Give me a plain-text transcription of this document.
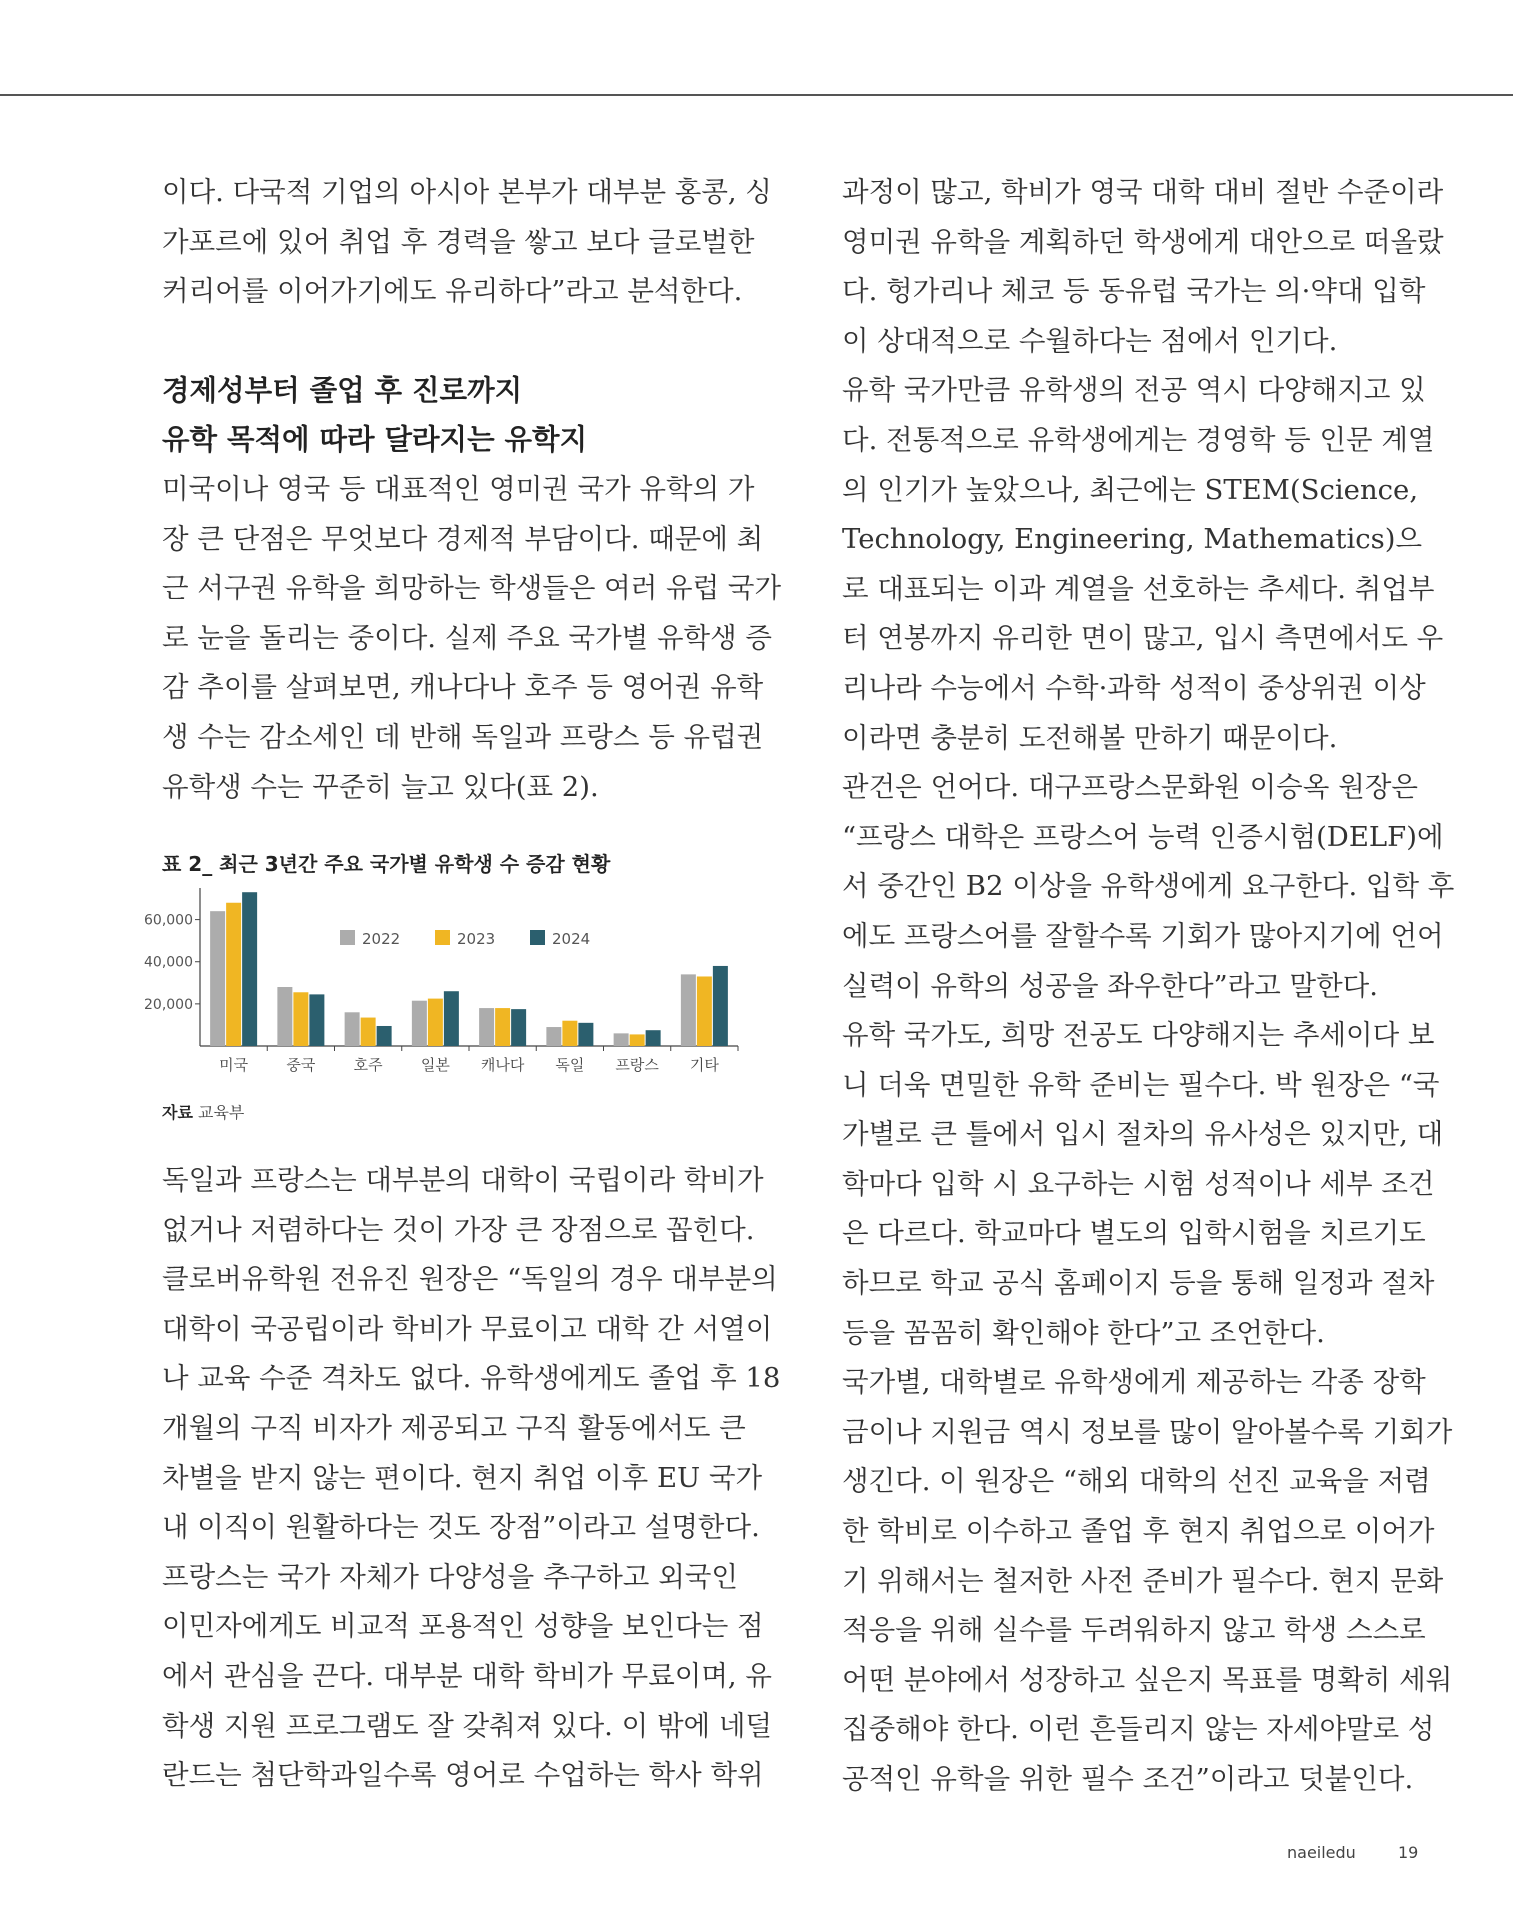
이다. 다국적 기업의 아시아 본부가 대부분 홍콩, 싱
가포르에 있어 취업 후 경력을 쌓고 보다 글로벌한
커리어를 이어가기에도 유리하다”라고 분석한다.
경제성부터 졸업 후 진로까지
유학 목적에 따라 달라지는 유학지
미국이나 영국 등 대표적인 영미권 국가 유학의 가
장 큰 단점은 무엇보다 경제적 부담이다. 때문에 최
근 서구권 유학을 희망하는 학생들은 여러 유럽 국가
로 눈을 돌리는 중이다. 실제 주요 국가별 유학생 증
감 추이를 살펴보면, 캐나다나 호주 등 영어권 유학
생 수는 감소세인 데 반해 독일과 프랑스 등 유럽권
유학생 수는 꾸준히 늘고 있다(표 2).
표 2_ 최근 3년간 주요 국가별 유학생 수 증감 현황
20,000
40,000
60,000
미국	중국	호주	일본 캐나다 독일 프랑스 기타
2022	2023	2024
자료 교육부
독일과 프랑스는 대부분의 대학이 국립이라 학비가
없거나 저렴하다는 것이 가장 큰 장점으로 꼽힌다.
클로버유학원 전유진 원장은 “독일의 경우 대부분의
대학이 국공립이라 학비가 무료이고 대학 간 서열이
나 교육 수준 격차도 없다. 유학생에게도 졸업 후 18
개월의 구직 비자가 제공되고 구직 활동에서도 큰
차별을 받지 않는 편이다. 현지 취업 이후 EU 국가
내 이직이 원활하다는 것도 장점”이라고 설명한다.
프랑스는 국가 자체가 다양성을 추구하고 외국인
이민자에게도 비교적 포용적인 성향을 보인다는 점
에서 관심을 끈다. 대부분 대학 학비가 무료이며, 유
학생 지원 프로그램도 잘 갖춰져 있다. 이 밖에 네덜
란드는 첨단학과일수록 영어로 수업하는 학사 학위
과정이 많고, 학비가 영국 대학 대비 절반 수준이라
영미권 유학을 계획하던 학생에게 대안으로 떠올랐
다. 헝가리나 체코 등 동유럽 국가는 의·약대 입학
이 상대적으로 수월하다는 점에서 인기다.
유학 국가만큼 유학생의 전공 역시 다양해지고 있
다. 전통적으로 유학생에게는 경영학 등 인문 계열
의 인기가 높았으나, 최근에는 STEM(Science,
Technology, Engineering, Mathematics)으
로 대표되는 이과 계열을 선호하는 추세다. 취업부
터 연봉까지 유리한 면이 많고, 입시 측면에서도 우
리나라 수능에서 수학·과학 성적이 중상위권 이상
이라면 충분히 도전해볼 만하기 때문이다.
관건은 언어다. 대구프랑스문화원 이승옥 원장은
“프랑스 대학은 프랑스어 능력 인증시험(DELF)에
서 중간인 B2 이상을 유학생에게 요구한다. 입학 후
에도 프랑스어를 잘할수록 기회가 많아지기에 언어
실력이 유학의 성공을 좌우한다”라고 말한다.
유학 국가도, 희망 전공도 다양해지는 추세이다 보
니 더욱 면밀한 유학 준비는 필수다. 박 원장은 “국
가별로 큰 틀에서 입시 절차의 유사성은 있지만, 대
학마다 입학 시 요구하는 시험 성적이나 세부 조건
은 다르다. 학교마다 별도의 입학시험을 치르기도
하므로 학교 공식 홈페이지 등을 통해 일정과 절차
등을 꼼꼼히 확인해야 한다”고 조언한다.
국가별, 대학별로 유학생에게 제공하는 각종 장학
금이나 지원금 역시 정보를 많이 알아볼수록 기회가
생긴다. 이 원장은 “해외 대학의 선진 교육을 저렴
한 학비로 이수하고 졸업 후 현지 취업으로 이어가
기 위해서는 철저한 사전 준비가 필수다. 현지 문화
적응을 위해 실수를 두려워하지 않고 학생 스스로
어떤 분야에서 성장하고 싶은지 목표를 명확히 세워
집중해야 한다. 이런 흔들리지 않는 자세야말로 성
공적인 유학을 위한 필수 조건”이라고 덧붙인다.
naeiledu	19
